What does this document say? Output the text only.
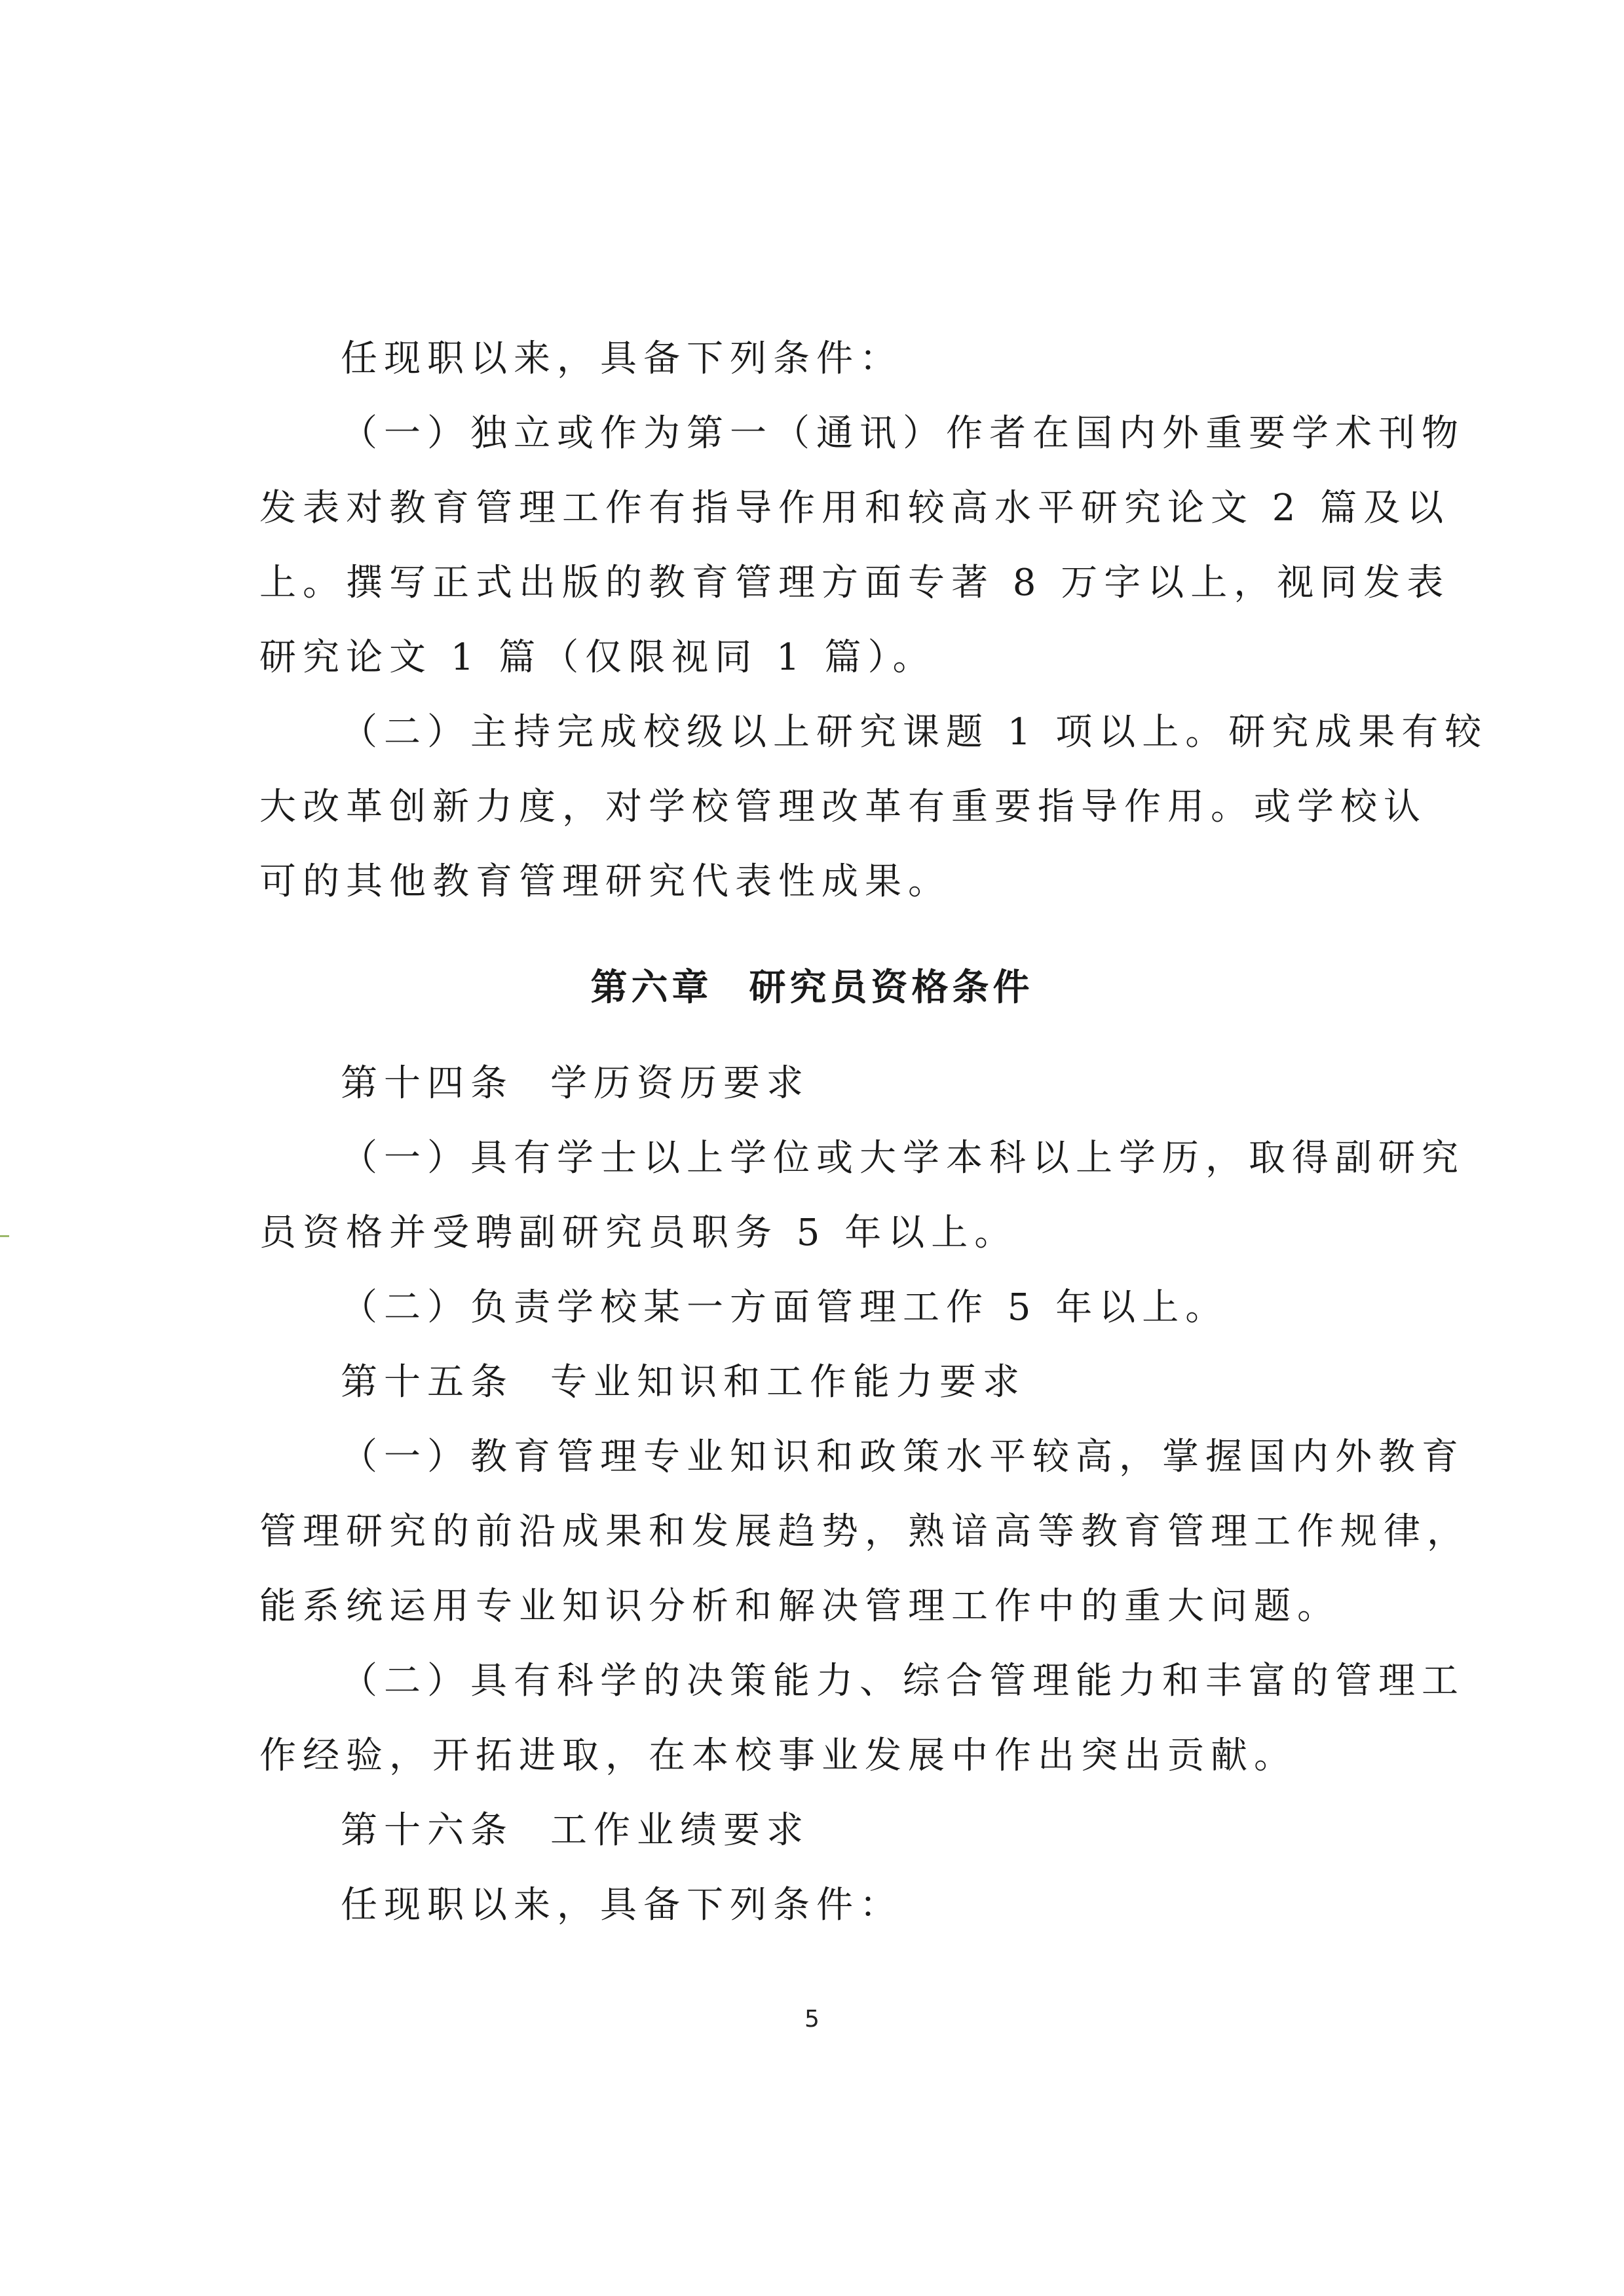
任现职以来，具备下列条件：
（一）独立或作为第一（通讯）作者在国内外重要学术刊物
发表对教育管理工作有指导作用和较高水平研究论文 2 篇及以
上。撰写正式出版的教育管理方面专著 8 万字以上，视同发表
研究论文 1 篇（仅限视同 1 篇）。
（二）主持完成校级以上研究课题 1 项以上。研究成果有较
大改革创新力度，对学校管理改革有重要指导作用。或学校认
可的其他教育管理研究代表性成果。
第六章 研究员资格条件
第十四条 学历资历要求
（一）具有学士以上学位或大学本科以上学历，取得副研究
员资格并受聘副研究员职务 5 年以上。
（二）负责学校某一方面管理工作 5 年以上。
第十五条 专业知识和工作能力要求
（一）教育管理专业知识和政策水平较高，掌握国内外教育
管理研究的前沿成果和发展趋势，熟谙高等教育管理工作规律，
能系统运用专业知识分析和解决管理工作中的重大问题。
（二）具有科学的决策能力、综合管理能力和丰富的管理工
作经验，开拓进取，在本校事业发展中作出突出贡献。
第十六条 工作业绩要求
任现职以来，具备下列条件：
5
